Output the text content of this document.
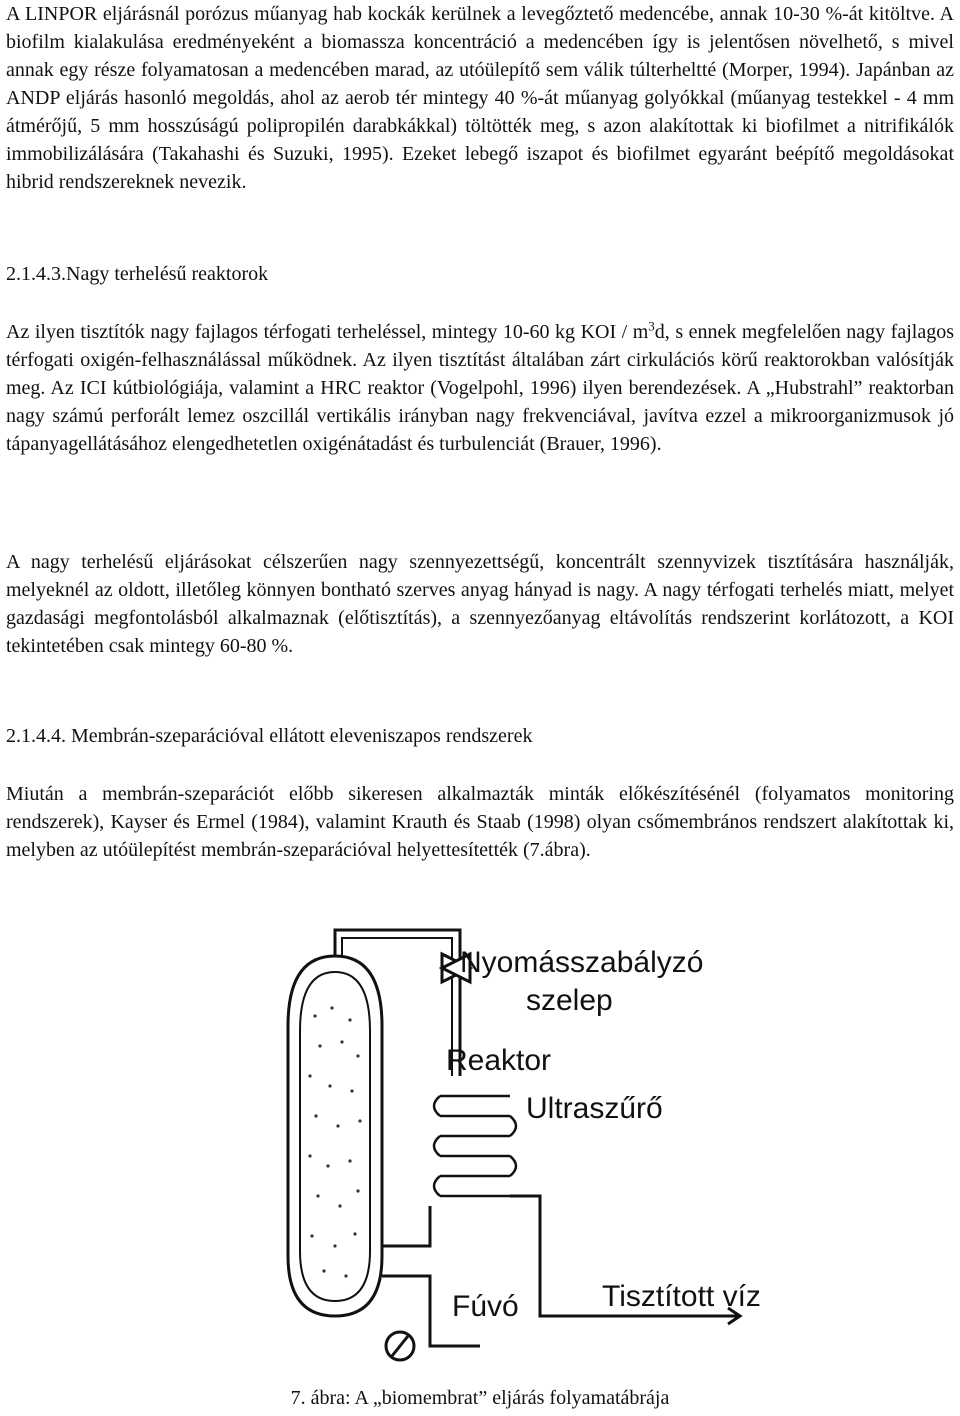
A LINPOR eljárásnál porózus műanyag hab kockák kerülnek a levegőztető medencébe, annak 10-30 %-át kitöltve. A biofilm kialakulása eredményeként a biomassza koncentráció a medencében így is jelentősen növelhető, s mivel annak egy része folyamatosan a medencében marad, az utóülepítő sem válik túlterheltté (Morper, 1994). Japánban az ANDP eljárás hasonló megoldás, ahol az aerob tér mintegy 40 %-át műanyag golyókkal (műanyag testekkel - 4 mm átmérőjű, 5 mm hosszúságú polipropilén darabkákkal) töltötték meg, s azon alakítottak ki biofilmet a nitrifikálók immobilizálására (Takahashi és Suzuki, 1995). Ezeket lebegő iszapot és biofilmet egyaránt beépítő megoldásokat hibrid rendszereknek nevezik.

2.1.4.3.Nagy terhelésű reaktorok

Az ilyen tisztítók nagy fajlagos térfogati terheléssel, mintegy 10-60 kg KOI / $m^3d$, s ennek megfelelően nagy fajlagos térfogati oxigén-felhasználással működnek. Az ilyen tisztítást általában zárt cirkulációs körű reaktorokban valósítják meg. Az ICI kútbiológiája, valamint a HRC reaktor (Vogelpohl, 1996) ilyen berendezések. A „Hubstrahl” reaktorban nagy számú perforált lemez oszcillál vertikális irányban nagy frekvenciával, javítva ezzel a mikroorganizmusok jó tápanyagellátásához elengedhetetlen oxigénátadást és turbulenciát (Brauer, 1996).

A nagy terhelésű eljárásokat célszerűen nagy szennyezettségű, koncentrált szennyvizek tisztítására használják, melyeknél az oldott, illetőleg könnyen bontható szerves anyag hányad is nagy. A nagy térfogati terhelés miatt, melyet gazdasági megfontolásból alkalmaznak (előtisztítás), a szennyezőanyag eltávolítás rendszerint korlátozott, a KOI tekintetében csak mintegy 60-80 %.

2.1.4.4. Membrán-szeparációval ellátott eleveniszapos rendszerek

Miután a membrán-szeparációt előbb sikeresen alkalmazták minták előkészítésénél (folyamatos monitoring rendszerek), Kayser és Ermel (1984), valamint Krauth és Staab (1998) olyan csőmembrános rendszert alakítottak ki, melyben az utóülepítést membrán-szeparációval helyettesítették (7.ábra).

Nyomásszabályzó
szelep
Reaktor
Ultraszűrő
Fúvó	Tisztított víz
7. ábra: A „biomembrat” eljárás folyamatábrája
